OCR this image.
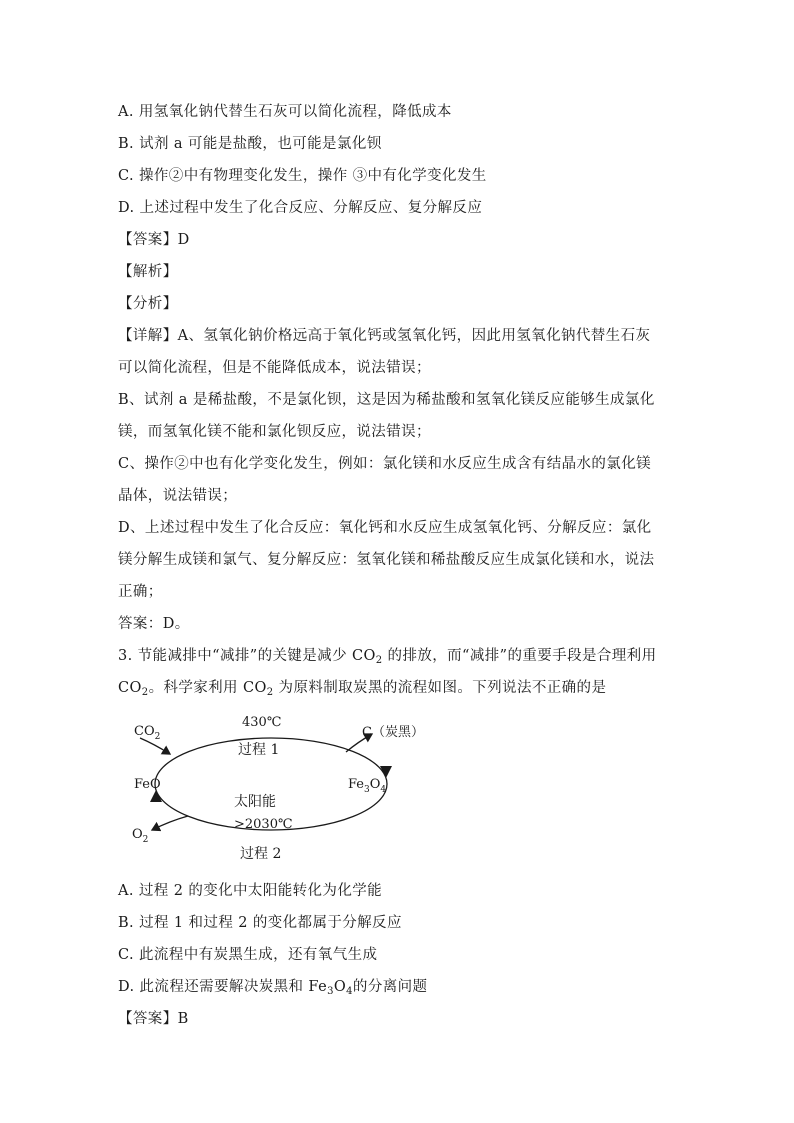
A. 用氢氧化钠代替生石灰可以简化流程，降低成本
B. 试剂 a 可能是盐酸，也可能是氯化钡
C. 操作②中有物理变化发生，操作 ③中有化学变化发生
D. 上述过程中发生了化合反应、分解反应、复分解反应
【答案】D
【解析】
【分析】
【详解】A、氢氧化钠价格远高于氧化钙或氢氧化钙，因此用氢氧化钠代替生石灰
可以简化流程，但是不能降低成本，说法错误；
B、试剂 a 是稀盐酸，不是氯化钡，这是因为稀盐酸和氢氧化镁反应能够生成氯化
镁，而氢氧化镁不能和氯化钡反应，说法错误；
C、操作②中也有化学变化发生，例如：氯化镁和水反应生成含有结晶水的氯化镁
晶体，说法错误；
D、上述过程中发生了化合反应：氧化钙和水反应生成氢氧化钙、分解反应：氯化
镁分解生成镁和氯气、复分解反应：氢氧化镁和稀盐酸反应生成氯化镁和水，说法
正确；
答案：D。
3. 节能减排中“减排”的关键是减少 $CO_2$ 的排放，而“减排”的重要手段是合理利用
$CO_2$。科学家利用 $CO_2$ 为原料制取炭黑的流程如图。下列说法不正确的是
$CO_2$
430℃
过程 1
C（炭黑）
FeO	$Fe_3O_4$
太阳能
>2030℃
$O_2$
过程 2
A. 过程 2 的变化中太阳能转化为化学能
B. 过程 1 和过程 2 的变化都属于分解反应
C. 此流程中有炭黑生成，还有氧气生成
D. 此流程还需要解决炭黑和 $Fe_3O_4$的分离问题
【答案】B
